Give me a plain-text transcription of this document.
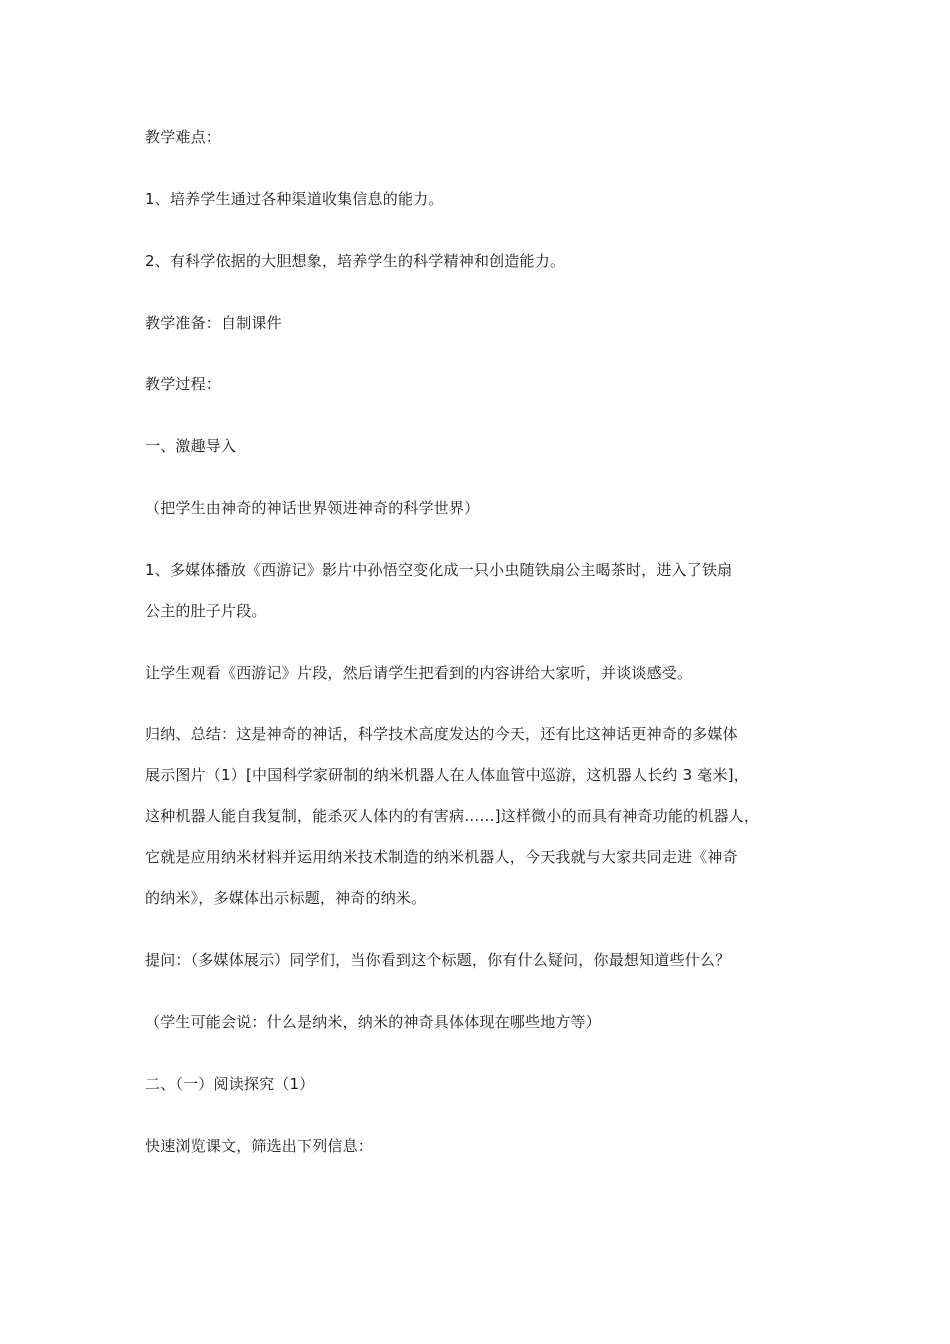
教学难点：
1、培养学生通过各种渠道收集信息的能力。
2、有科学依据的大胆想象，培养学生的科学精神和创造能力。
教学准备：自制课件
教学过程：
一、激趣导入
（把学生由神奇的神话世界领进神奇的科学世界）
1、多媒体播放《西游记》影片中孙悟空变化成一只小虫随铁扇公主喝茶时，进入了铁扇
公主的肚子片段。
让学生观看《西游记》片段，然后请学生把看到的内容讲给大家听，并谈谈感受。
归纳、总结：这是神奇的神话，科学技术高度发达的今天，还有比这神话更神奇的多媒体
展示图片（1）[中国科学家研制的纳米机器人在人体血管中巡游，这机器人长约 3 毫米]，
这种机器人能自我复制，能杀灭人体内的有害病……]这样微小的而具有神奇功能的机器人，
它就是应用纳米材料并运用纳米技术制造的纳米机器人，今天我就与大家共同走进《神奇
的纳米》，多媒体出示标题，神奇的纳米。
提问：（多媒体展示）同学们，当你看到这个标题，你有什么疑问，你最想知道些什么？
（学生可能会说：什么是纳米，纳米的神奇具体体现在哪些地方等）
二、（一）阅读探究（1）
快速浏览课文，筛选出下列信息：
